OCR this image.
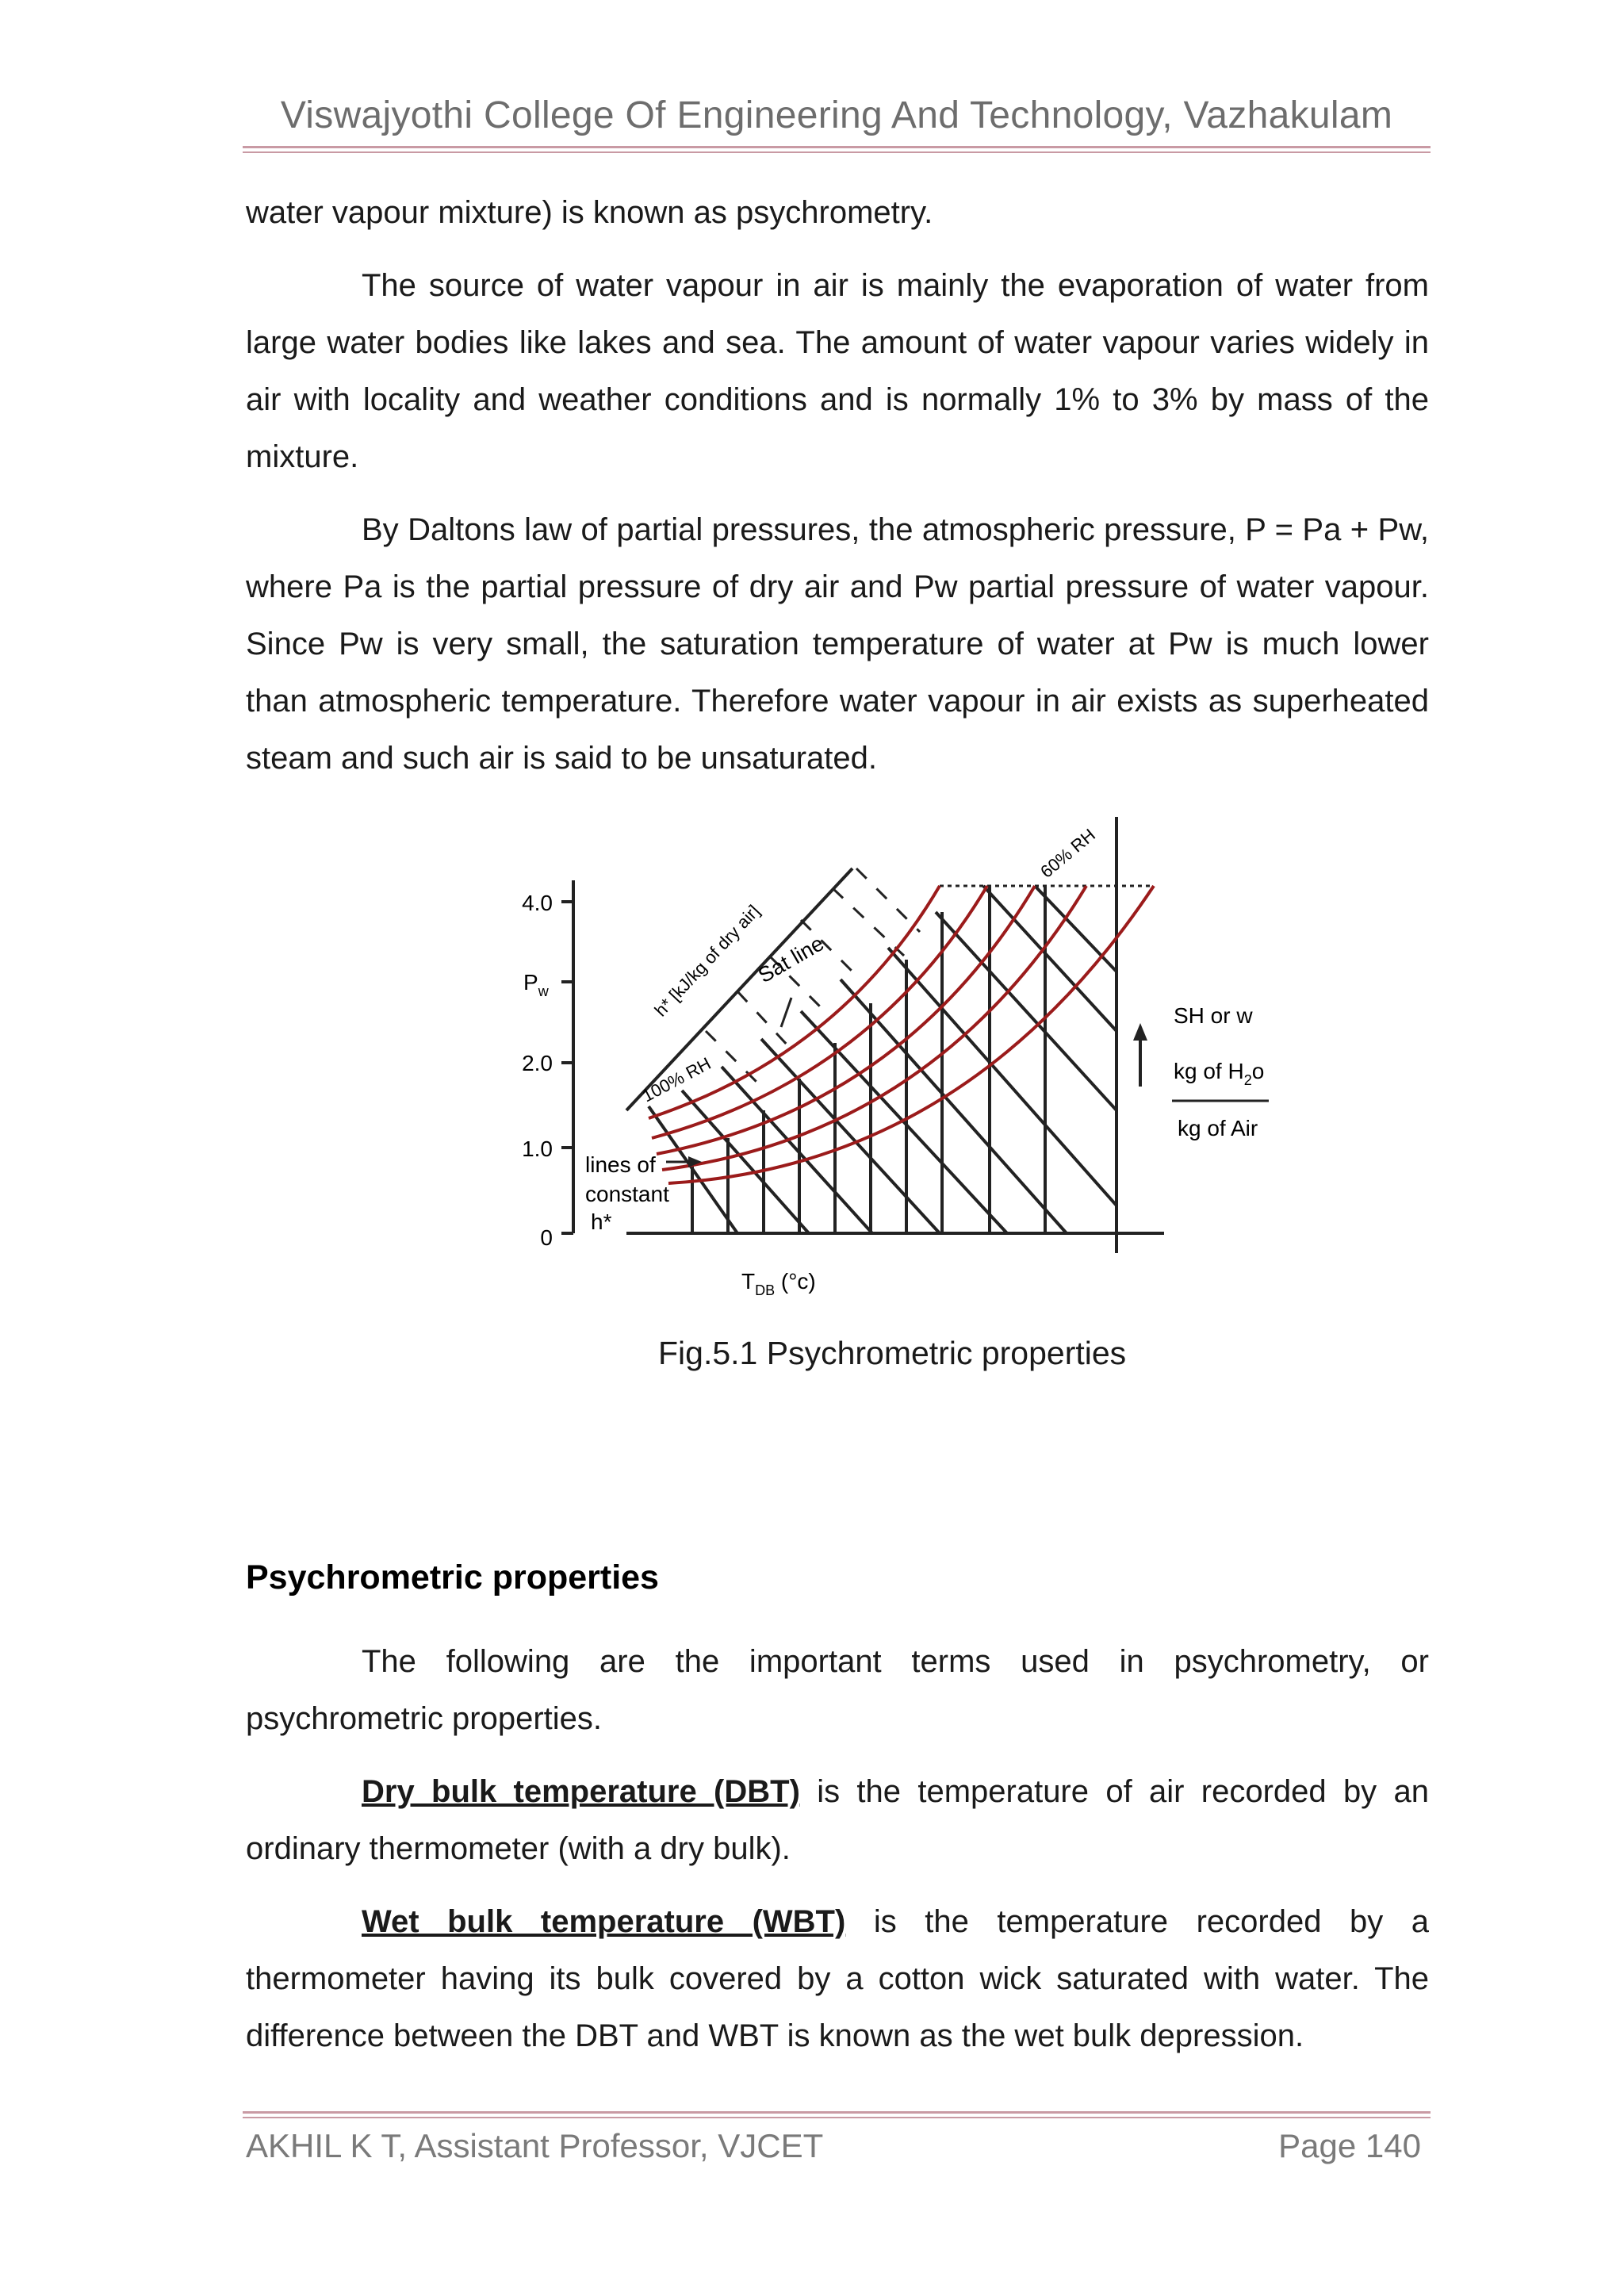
Viswajyothi College Of Engineering And Technology, Vazhakulam

water vapour mixture) is known as psychrometry.

The source of water vapour in air is mainly the evaporation of water from large water bodies like lakes and sea. The amount of water vapour varies widely in air with locality and weather conditions and is normally 1% to 3% by mass of the mixture.

By Daltons law of partial pressures, the atmospheric pressure, P = Pa + Pw, where Pa is the partial pressure of dry air and Pw partial pressure of water vapour. Since Pw is very small, the saturation temperature of water at Pw is much lower than atmospheric temperature. Therefore water vapour in air exists as superheated steam and such air is said to be unsaturated.

4.0
2.0
1.0
0
$P_w$	h* [kJ/kg of dry air]
100% RH
60% RH
Sat line
lines of
constant
h*
SH or w
kg of $H_2o$
kg of Air
$T_{DB}$ (°c)
Fig.5.1 Psychrometric properties
Psychrometric properties

The following are the important terms used in psychrometry, or psychrometric properties.

Dry bulk temperature (DBT) is the temperature of air recorded by an ordinary thermometer (with a dry bulk).

Wet bulk temperature (WBT) is the temperature recorded by a thermometer having its bulk covered by a cotton wick saturated with water. The difference between the DBT and WBT is known as the wet bulk depression.

AKHIL K T, Assistant Professor, VJCET	Page 140
